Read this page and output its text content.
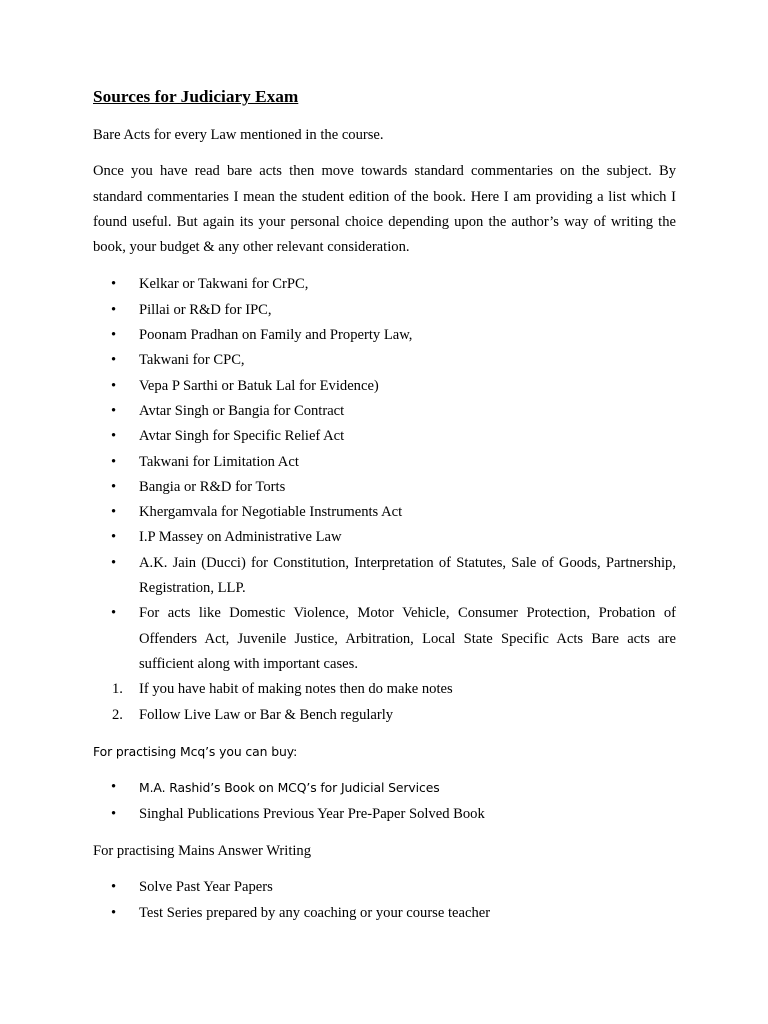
Sources for Judiciary Exam

Bare Acts for every Law mentioned in the course.

Once you have read bare acts then move towards standard commentaries on the subject. By standard commentaries I mean the student edition of the book. Here I am providing a list which I found useful. But again its your personal choice depending upon the author’s way of writing the book, your budget & any other relevant consideration.

• Kelkar or Takwani for CrPC,
• Pillai or R&D for IPC,
• Poonam Pradhan on Family and Property Law,
• Takwani for CPC,
• Vepa P Sarthi or Batuk Lal for Evidence)
• Avtar Singh or Bangia for Contract
• Avtar Singh for Specific Relief Act
• Takwani for Limitation Act
• Bangia or R&D for Torts
• Khergamvala for Negotiable Instruments Act
• I.P Massey on Administrative Law
• A.K. Jain (Ducci) for Constitution, Interpretation of Statutes, Sale of Goods, Partnership, Registration, LLP.
• For acts like Domestic Violence, Motor Vehicle, Consumer Protection, Probation of Offenders Act, Juvenile Justice, Arbitration, Local State Specific Acts Bare acts are sufficient along with important cases.
1. If you have habit of making notes then do make notes
2. Follow Live Law or Bar & Bench regularly

For practising Mcq’s you can buy:

• M.A. Rashid’s Book on MCQ’s for Judicial Services
• Singhal Publications Previous Year Pre-Paper Solved Book

For practising Mains Answer Writing

• Solve Past Year Papers
• Test Series prepared by any coaching or your course teacher
